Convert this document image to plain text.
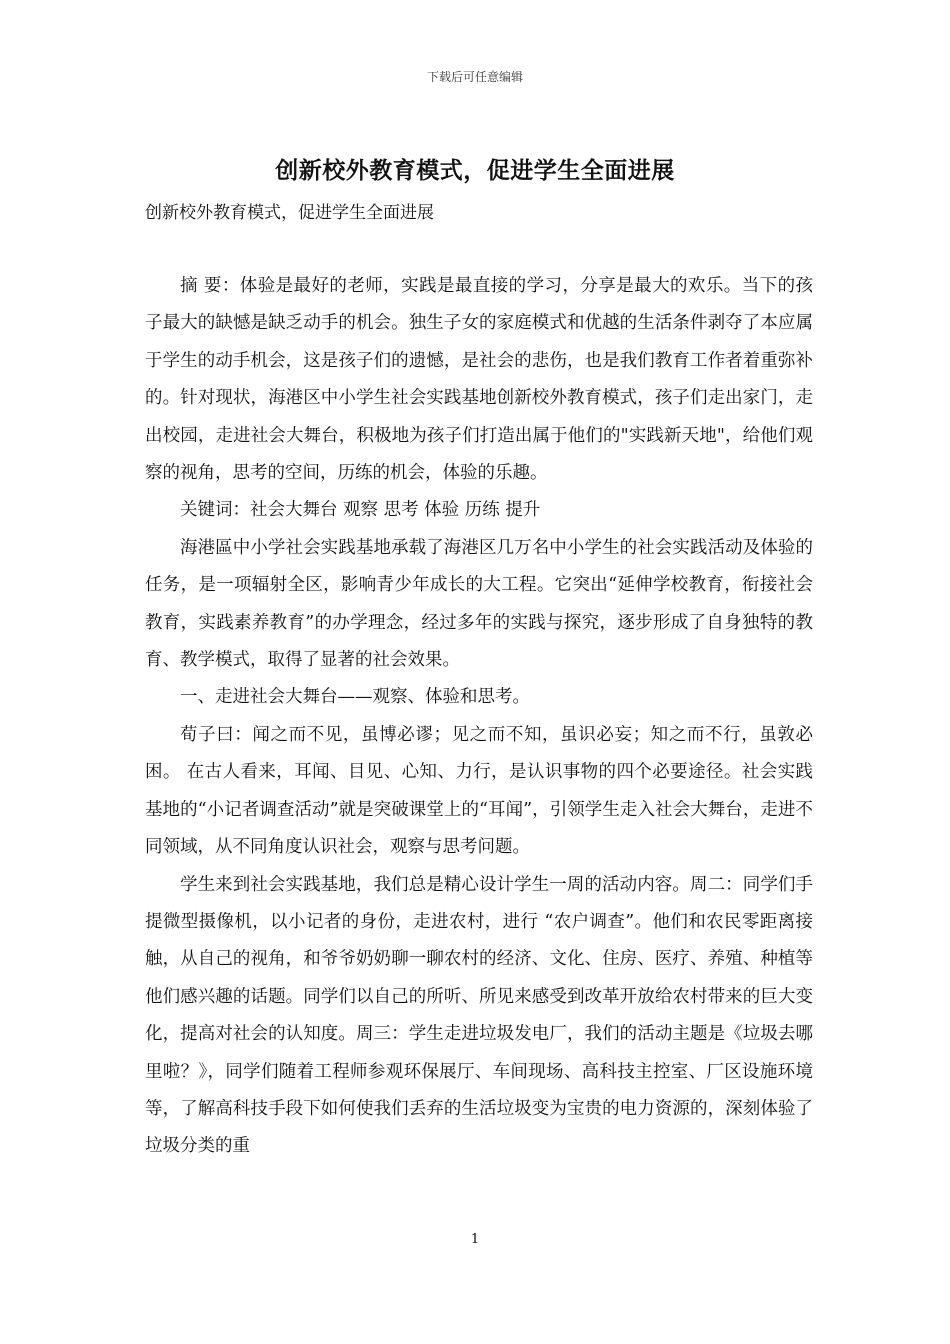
下载后可任意编辑
创新校外教育模式，促进学生全面进展
创新校外教育模式，促进学生全面进展

摘 要：体验是最好的老师，实践是最直接的学习，分享是最大的欢乐。当下的孩子最大的缺憾是缺乏动手的机会。独生子女的家庭模式和优越的生活条件剥夺了本应属于学生的动手机会，这是孩子们的遗憾，是社会的悲伤，也是我们教育工作者着重弥补的。针对现状，海港区中小学生社会实践基地创新校外教育模式，孩子们走出家门，走出校园，走进社会大舞台，积极地为孩子们打造出属于他们的"实践新天地"，给他们观察的视角，思考的空间，历练的机会，体验的乐趣。

关键词：社会大舞台 观察 思考 体验 历练 提升

海港區中小学社会实践基地承载了海港区几万名中小学生的社会实践活动及体验的任务，是一项辐射全区，影响青少年成长的大工程。它突出“延伸学校教育，衔接社会教育，实践素养教育”的办学理念，经过多年的实践与探究，逐步形成了自身独特的教育、教学模式，取得了显著的社会效果。

一、走进社会大舞台——观察、体验和思考。

荀子曰：闻之而不见，虽博必谬；见之而不知，虽识必妄；知之而不行，虽敦必困。 在古人看来，耳闻、目见、心知、力行，是认识事物的四个必要途径。社会实践基地的“小记者调查活动”就是突破课堂上的“耳闻”，引领学生走入社会大舞台，走进不同领域，从不同角度认识社会，观察与思考问题。

学生来到社会实践基地，我们总是精心设计学生一周的活动内容。周二：同学们手提微型摄像机，以小记者的身份，走进农村，进行 “农户调查”。他们和农民零距离接触，从自己的视角，和爷爷奶奶聊一聊农村的经济、文化、住房、医疗、养殖、种植等他们感兴趣的话题。同学们以自己的所听、所见来感受到改革开放给农村带来的巨大变化，提高对社会的认知度。周三：学生走进垃圾发电厂，我们的活动主题是《垃圾去哪里啦？》，同学们随着工程师参观环保展厅、车间现场、高科技主控室、厂区设施环境等，了解高科技手段下如何使我们丢弃的生活垃圾变为宝贵的电力资源的，深刻体验了垃圾分类的重

1
